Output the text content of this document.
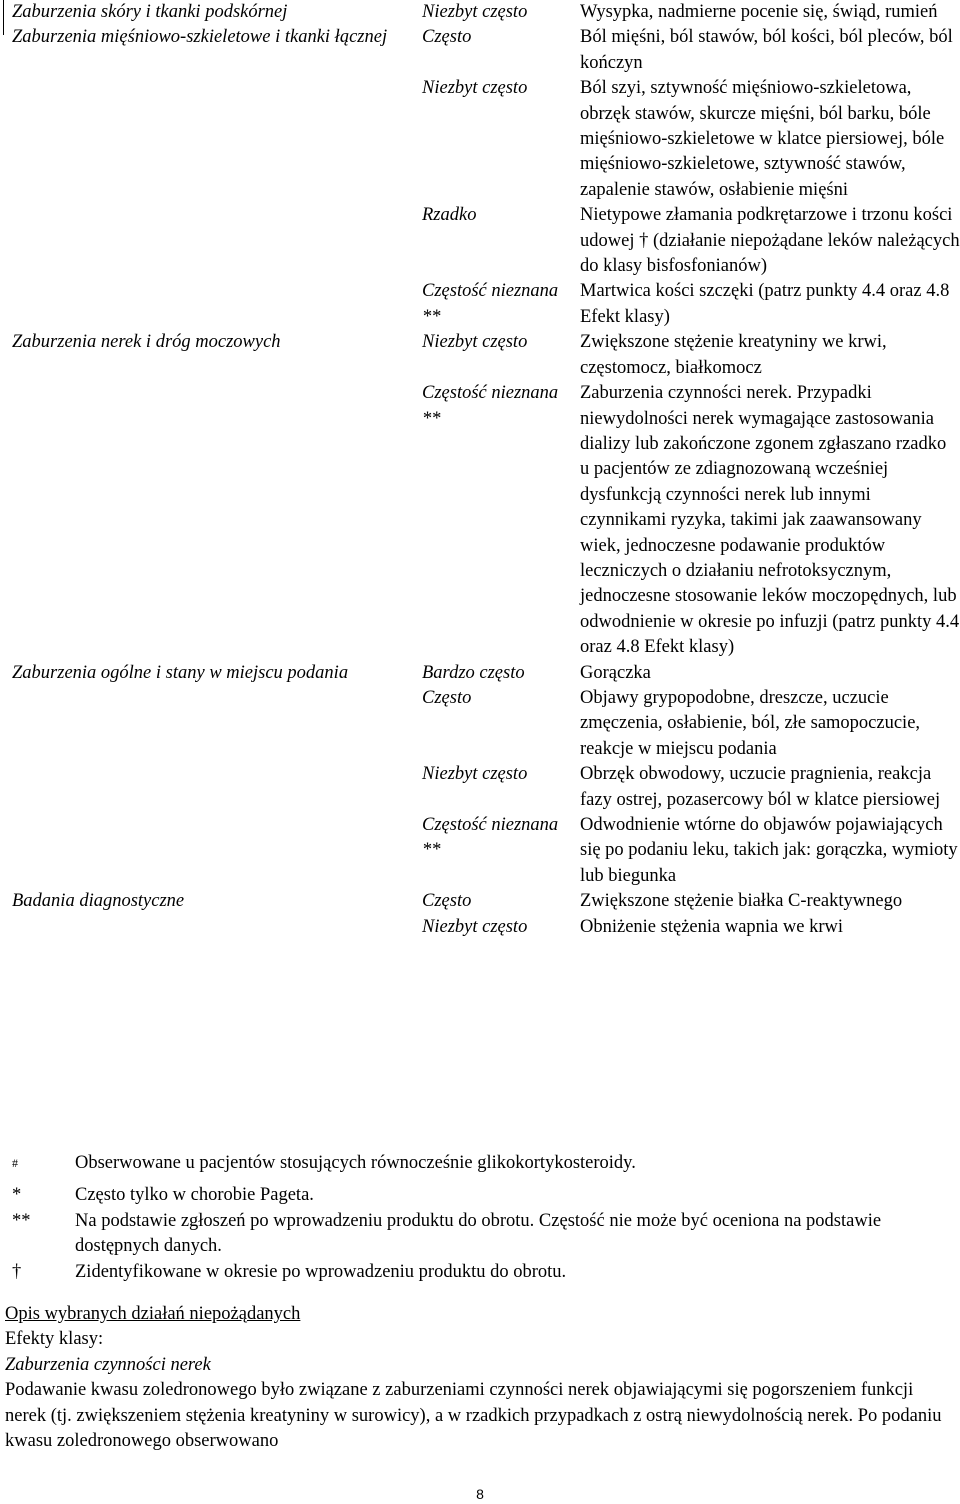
Zaburzenia skóry i tkanki podskórnej	Niezbyt często	Wysypka, nadmierne pocenie się, świąd, rumień
Zaburzenia mięśniowo-szkieletowe i tkanki łącznej	Często	Ból mięśni, ból stawów, ból kości, ból pleców, ból kończyn
	Niezbyt często	Ból szyi, sztywność mięśniowo-szkieletowa, obrzęk stawów, skurcze mięśni, ból barku, bóle mięśniowo-szkieletowe w klatce piersiowej, bóle mięśniowo-szkieletowe, sztywność stawów, zapalenie stawów, osłabienie mięśni
	Rzadko	Nietypowe złamania podkrętarzowe i trzonu kości udowej † (działanie niepożądane leków należących do klasy bisfosfonianów)
	Częstość nieznana **	Martwica kości szczęki (patrz punkty 4.4 oraz 4.8 Efekt klasy)
Zaburzenia nerek i dróg moczowych	Niezbyt często	Zwiększone stężenie kreatyniny we krwi, częstomocz, białkomocz
	Częstość nieznana **	Zaburzenia czynności nerek. Przypadki niewydolności nerek wymagające zastosowania dializy lub zakończone zgonem zgłaszano rzadko u pacjentów ze zdiagnozowaną wcześniej dysfunkcją czynności nerek lub innymi czynnikami ryzyka, takimi jak zaawansowany wiek, jednoczesne podawanie produktów leczniczych o działaniu nefrotoksycznym, jednoczesne stosowanie leków moczopędnych, lub odwodnienie w okresie po infuzji (patrz punkty 4.4 oraz 4.8 Efekt klasy)
Zaburzenia ogólne i stany w miejscu podania	Bardzo często	Gorączka
	Często	Objawy grypopodobne, dreszcze, uczucie zmęczenia, osłabienie, ból, złe samopoczucie, reakcje w miejscu podania
	Niezbyt często	Obrzęk obwodowy, uczucie pragnienia, reakcja fazy ostrej, pozasercowy ból w klatce piersiowej
	Częstość nieznana **	Odwodnienie wtórne do objawów pojawiających się po podaniu leku, takich jak: gorączka, wymioty lub biegunka
Badania diagnostyczne	Często	Zwiększone stężenie białka C-reaktywnego
	Niezbyt często	Obniżenie stężenia wapnia we krwi
#	Obserwowane u pacjentów stosujących równocześnie glikokortykosteroidy.
*	Często tylko w chorobie Pageta.
**	Na podstawie zgłoszeń po wprowadzeniu produktu do obrotu. Częstość nie może być oceniona na podstawie dostępnych danych.
†	Zidentyfikowane w okresie po wprowadzeniu produktu do obrotu.

Opis wybranych działań niepożądanych

Efekty klasy:

Zaburzenia czynności nerek

Podawanie kwasu zoledronowego było związane z zaburzeniami czynności nerek objawiającymi się pogorszeniem funkcji nerek (tj. zwiększeniem stężenia kreatyniny w surowicy), a w rzadkich przypadkach z ostrą niewydolnością nerek. Po podaniu kwasu zoledronowego obserwowano

8
